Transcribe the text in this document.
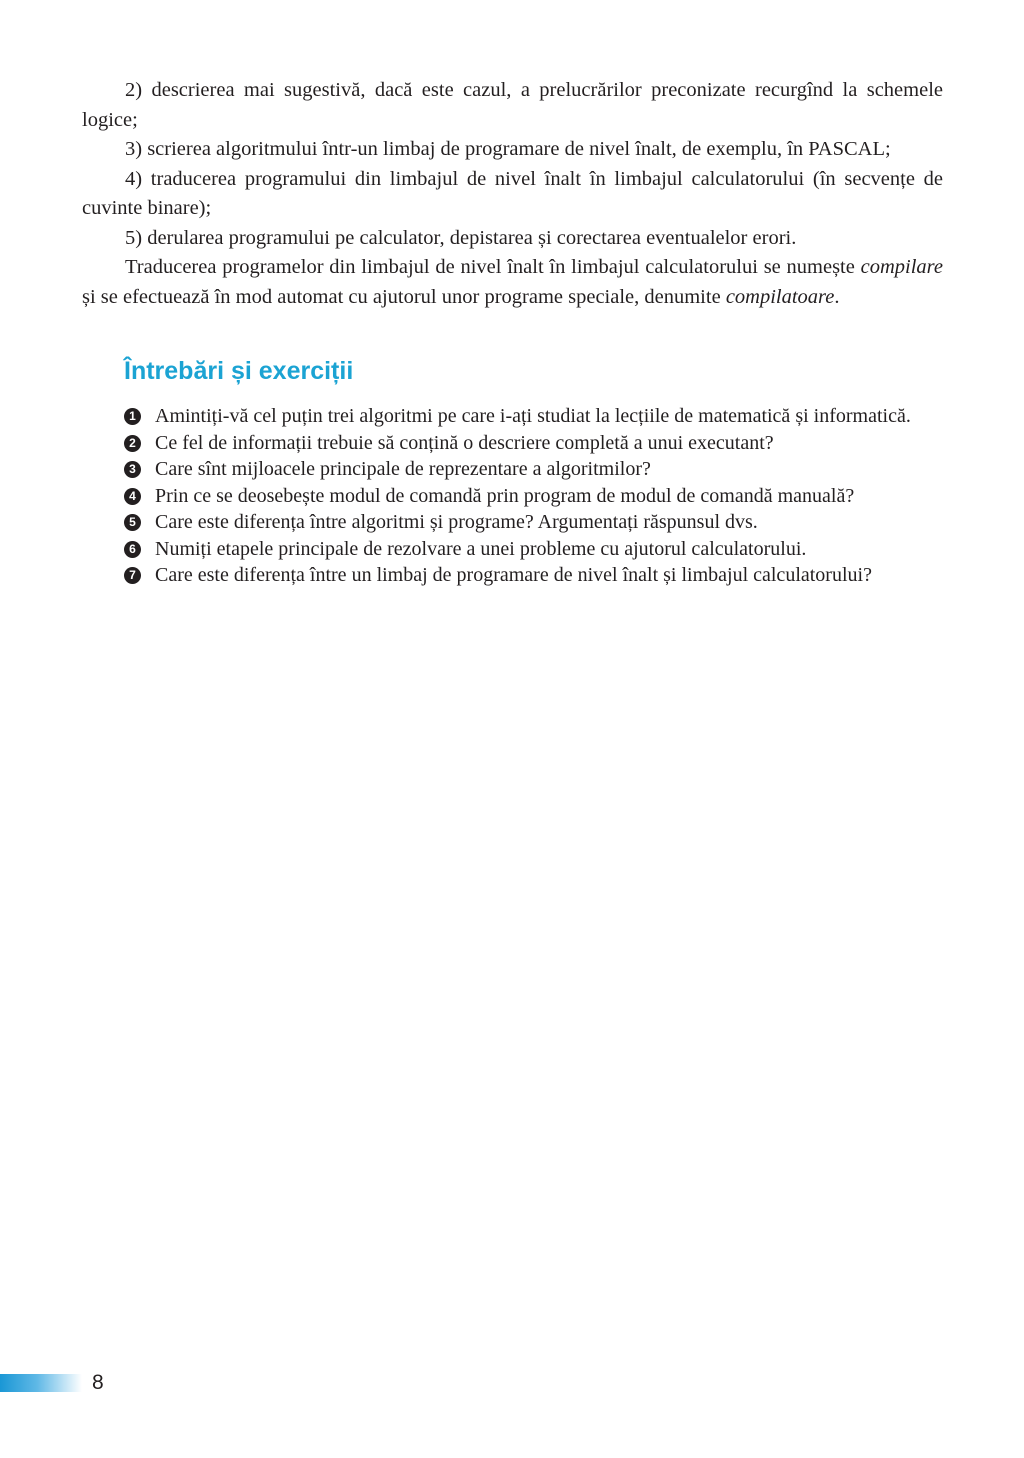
2) descrierea mai sugestivă, dacă este cazul, a prelucrărilor preconizate recurgînd la schemele logice;

3) scrierea algoritmului într-un limbaj de programare de nivel înalt, de exemplu, în PASCAL;

4) traducerea programului din limbajul de nivel înalt în limbajul calculatorului (în secvențe de cuvinte binare);

5) derularea programului pe calculator, depistarea și corectarea eventualelor erori.

Traducerea programelor din limbajul de nivel înalt în limbajul calculatorului se numește compilare și se efectuează în mod automat cu ajutorul unor programe speciale, denumite compilatoare.

Întrebări și exerciții
1 Amintiți-vă cel puțin trei algoritmi pe care i-ați studiat la lecțiile de matematică și informatică.
2 Ce fel de informații trebuie să conțină o descriere completă a unui executant?
3 Care sînt mijloacele principale de reprezentare a algoritmilor?
4 Prin ce se deosebește modul de comandă prin program de modul de comandă manuală?
5 Care este diferența între algoritmi și programe? Argumentați răspunsul dvs.
6 Numiți etapele principale de rezolvare a unei probleme cu ajutorul calculatorului.
7 Care este diferența între un limbaj de programare de nivel înalt și limbajul calculatorului?
8
